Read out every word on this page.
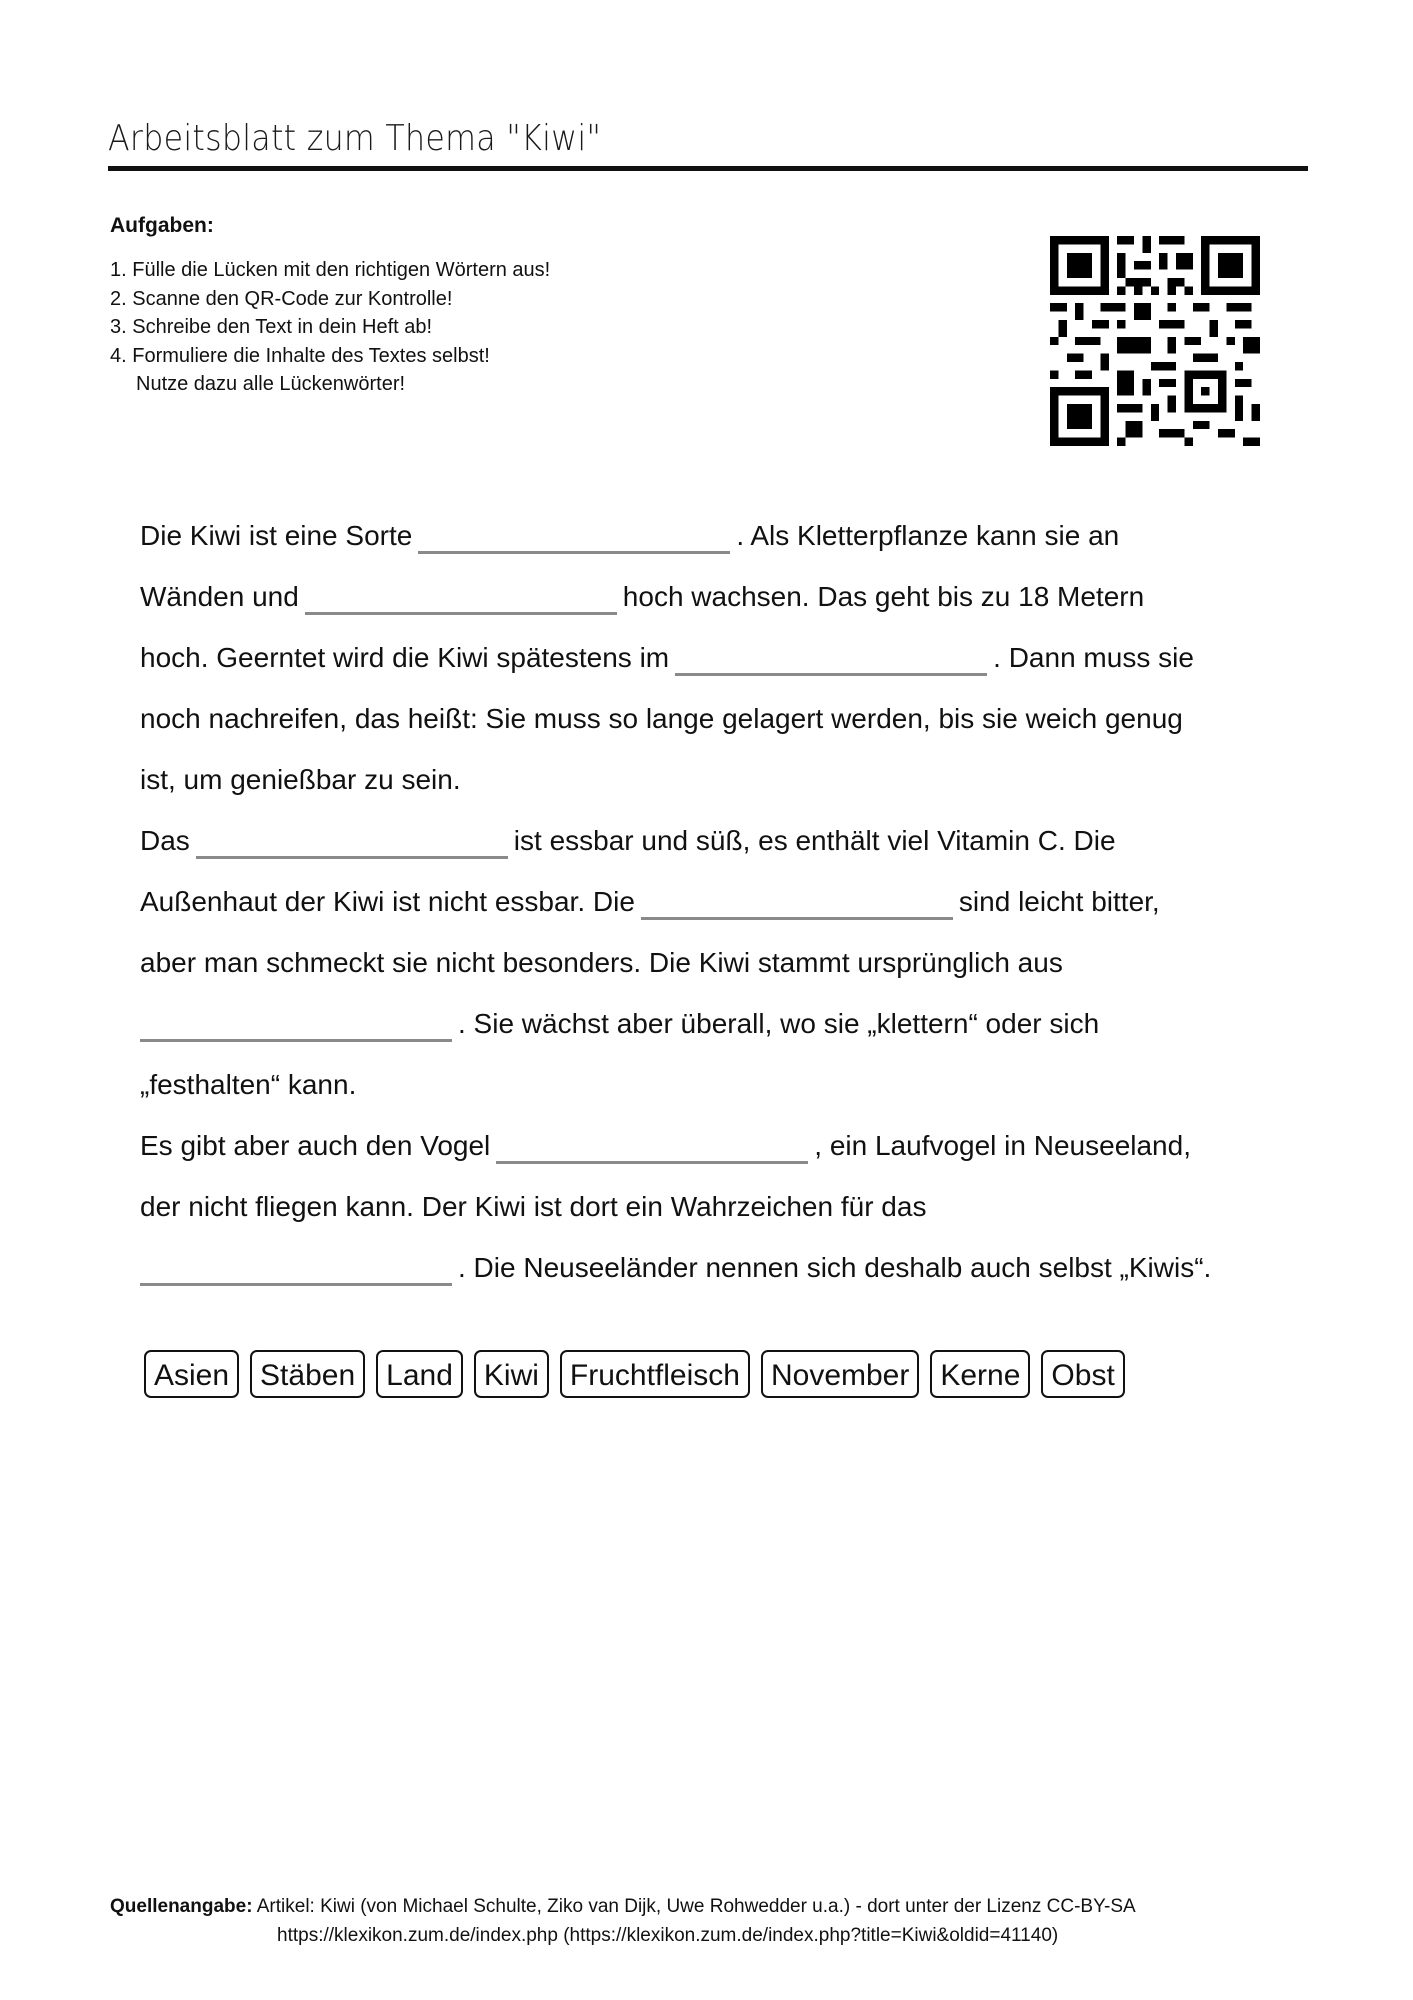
Arbeitsblatt zum Thema "Kiwi"
Aufgaben:
1. Fülle die Lücken mit den richtigen Wörtern aus!
2. Scanne den QR-Code zur Kontrolle!
3. Schreibe den Text in dein Heft ab!
4. Formuliere die Inhalte des Textes selbst!
Nutze dazu alle Lückenwörter!
Die Kiwi ist eine Sorte	. Als Kletterpflanze kann sie an
Wänden und	hoch wachsen. Das geht bis zu 18 Metern
hoch. Geerntet wird die Kiwi spätestens im	. Dann muss sie
noch nachreifen, das heißt: Sie muss so lange gelagert werden, bis sie weich genug
ist, um genießbar zu sein.
Das	ist essbar und süß, es enthält viel Vitamin C. Die
Außenhaut der Kiwi ist nicht essbar. Die	sind leicht bitter,
aber man schmeckt sie nicht besonders. Die Kiwi stammt ursprünglich aus
. Sie wächst aber überall, wo sie „klettern“ oder sich
„festhalten“ kann.
Es gibt aber auch den Vogel	, ein Laufvogel in Neuseeland,
der nicht fliegen kann. Der Kiwi ist dort ein Wahrzeichen für das
. Die Neuseeländer nennen sich deshalb auch selbst „Kiwis“.
Asien	Stäben	Land	Kiwi	Fruchtfleisch	November	Kerne	Obst
Quellenangabe: Artikel: Kiwi (von Michael Schulte, Ziko van Dijk, Uwe Rohwedder u.a.) - dort unter der Lizenz CC-BY-SA
https://klexikon.zum.de/index.php (https://klexikon.zum.de/index.php?title=Kiwi&oldid=41140)
